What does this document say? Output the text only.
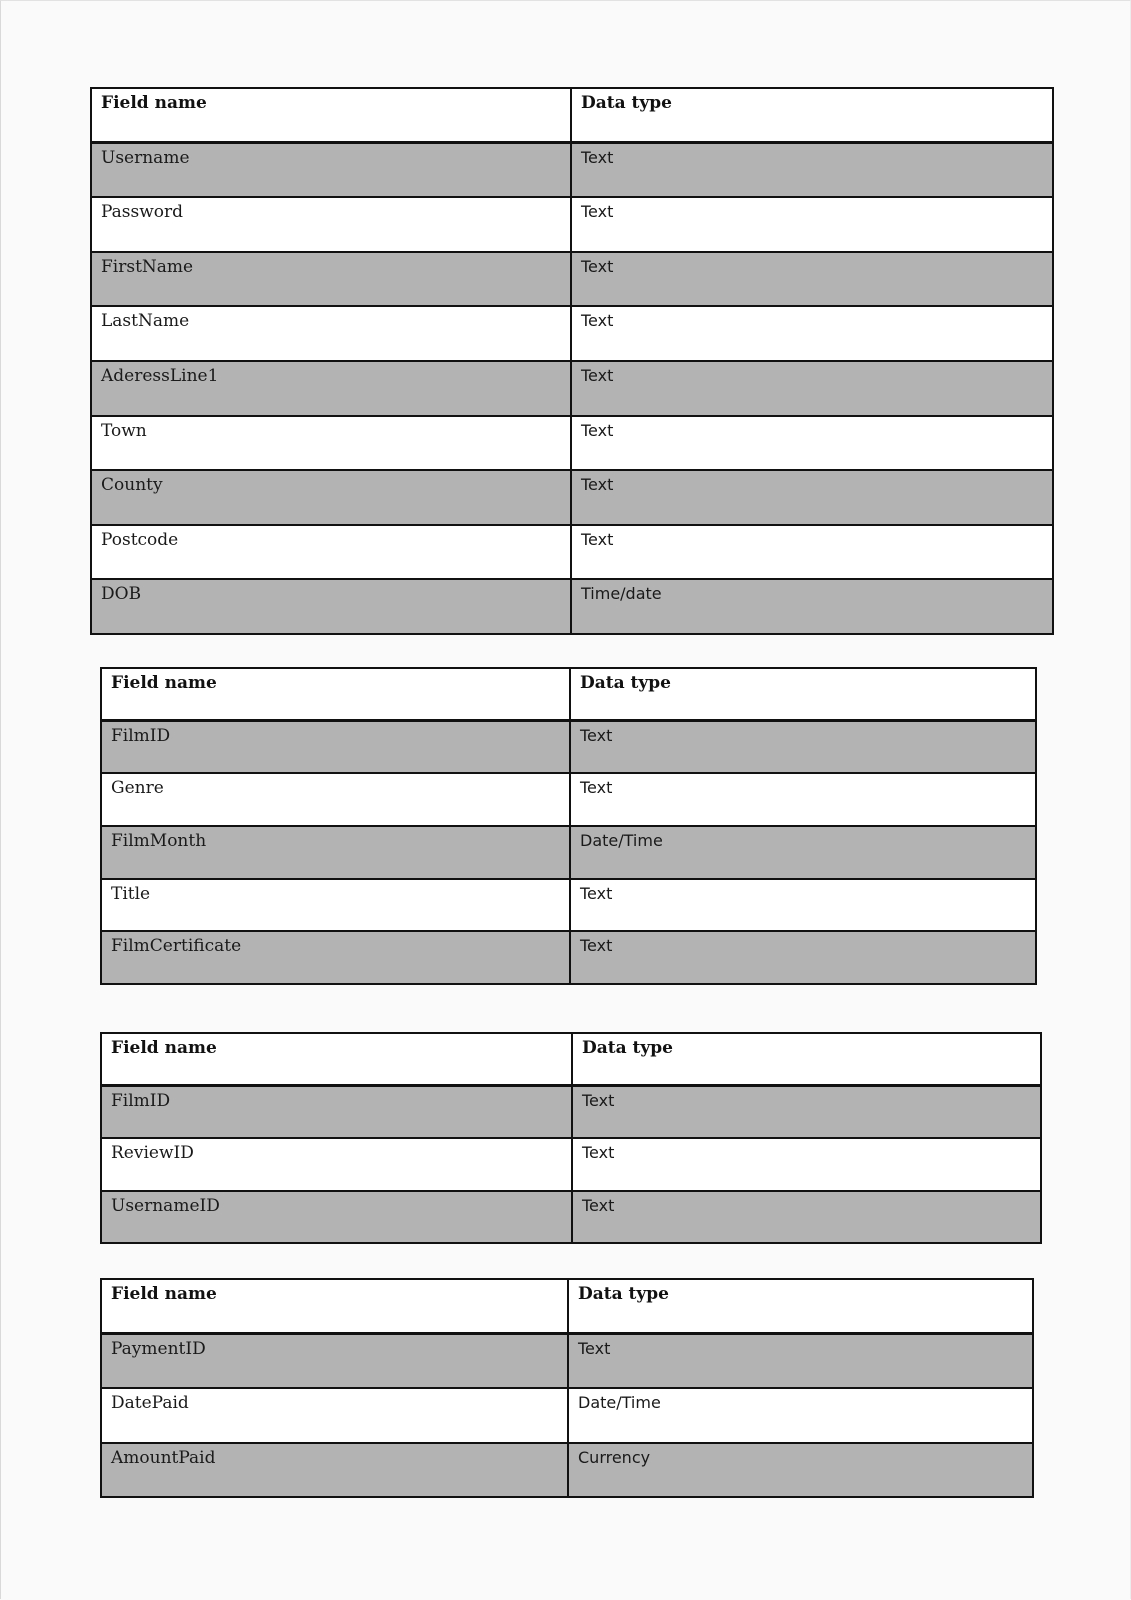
Field name	Data type
Username	Text
Password	Text
FirstName	Text
LastName	Text
AderessLine1	Text
Town	Text
County	Text
Postcode	Text
DOB	Time/date
Field name	Data type
FilmID	Text
Genre	Text
FilmMonth	Date/Time
Title	Text
FilmCertificate	Text
Field name	Data type
FilmID	Text
ReviewID	Text
UsernameID	Text
Field name	Data type
PaymentID	Text
DatePaid	Date/Time
AmountPaid	Currency
